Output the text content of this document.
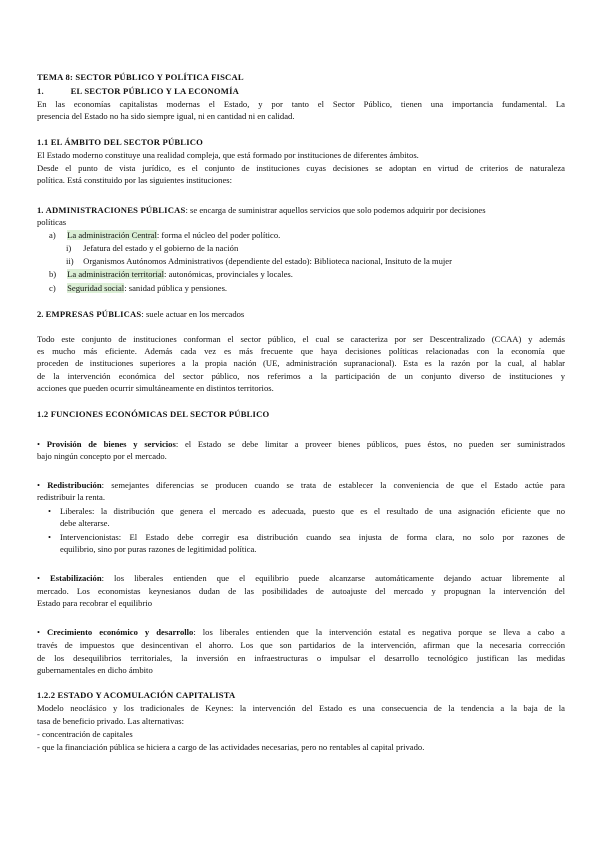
TEMA 8: SECTOR PÚBLICO Y POLÍTICA FISCAL
1.	EL SECTOR PÚBLICO Y LA ECONOMÍA
En las economías capitalistas modernas el Estado, y por tanto el Sector Público, tienen una importancia fundamental. La
presencia del Estado no ha sido siempre igual, ni en cantidad ni en calidad.
1.1 EL ÁMBITO DEL SECTOR PÚBLICO
El Estado moderno constituye una realidad compleja, que está formado por instituciones de diferentes ámbitos.
Desde el punto de vista jurídico, es el conjunto de instituciones cuyas decisiones se adoptan en virtud de criterios de naturaleza
política. Está constituido por las siguientes instituciones:
1. ADMINISTRACIONES PÚBLICAS: se encarga de suministrar aquellos servicios que solo podemos adquirir por decisiones
políticas
a) La administración Central: forma el núcleo del poder político.
i) Jefatura del estado y el gobierno de la nación
ii) Organismos Autónomos Administrativos (dependiente del estado): Biblioteca nacional, Insituto de la mujer
b) La administración territorial: autonómicas, provinciales y locales.
c) Seguridad social: sanidad pública y pensiones.
2. EMPRESAS PÚBLICAS: suele actuar en los mercados
Todo este conjunto de instituciones conforman el sector público, el cual se caracteriza por ser Descentralizado (CCAA) y además
es mucho más eficiente. Además cada vez es más frecuente que haya decisiones políticas relacionadas con la economía que
proceden de instituciones superiores a la propia nación (UE, administración supranacional). Esta es la razón por la cual, al hablar
de la intervención económica del sector público, nos referimos a la participación de un conjunto diverso de instituciones y
acciones que pueden ocurrir simultáneamente en distintos territorios.
1.2 FUNCIONES ECONÓMICAS DEL SECTOR PÚBLICO
• Provisión de bienes y servicios: el Estado se debe limitar a proveer bienes públicos, pues éstos, no pueden ser suministrados
bajo ningún concepto por el mercado.
• Redistribución: semejantes diferencias se producen cuando se trata de establecer la conveniencia de que el Estado actúe para
redistribuir la renta.
• Liberales: la distribución que genera el mercado es adecuada, puesto que es el resultado de una asignación eficiente que no
debe alterarse.
• Intervencionistas: El Estado debe corregir esa distribución cuando sea injusta de forma clara, no solo por razones de
equilibrio, sino por puras razones de legitimidad política.
• Estabilización: los liberales entienden que el equilibrio puede alcanzarse automáticamente dejando actuar libremente al
mercado. Los economistas keynesianos dudan de las posibilidades de autoajuste del mercado y propugnan la intervención del
Estado para recobrar el equilibrio
• Crecimiento económico y desarrollo: los liberales entienden que la intervención estatal es negativa porque se lleva a cabo a
través de impuestos que desincentivan el ahorro. Los que son partidarios de la intervención, afirman que la necesaria corrección
de los desequilibrios territoriales, la inversión en infraestructuras o impulsar el desarrollo tecnológico justifican las medidas
gubernamentales en dicho ámbito
1.2.2 ESTADO Y ACOMULACIÓN CAPITALISTA
Modelo neoclásico y los tradicionales de Keynes: la intervención del Estado es una consecuencia de la tendencia a la baja de la
tasa de beneficio privado. Las alternativas:
- concentración de capitales
- que la financiación pública se hiciera a cargo de las actividades necesarias, pero no rentables al capital privado.
